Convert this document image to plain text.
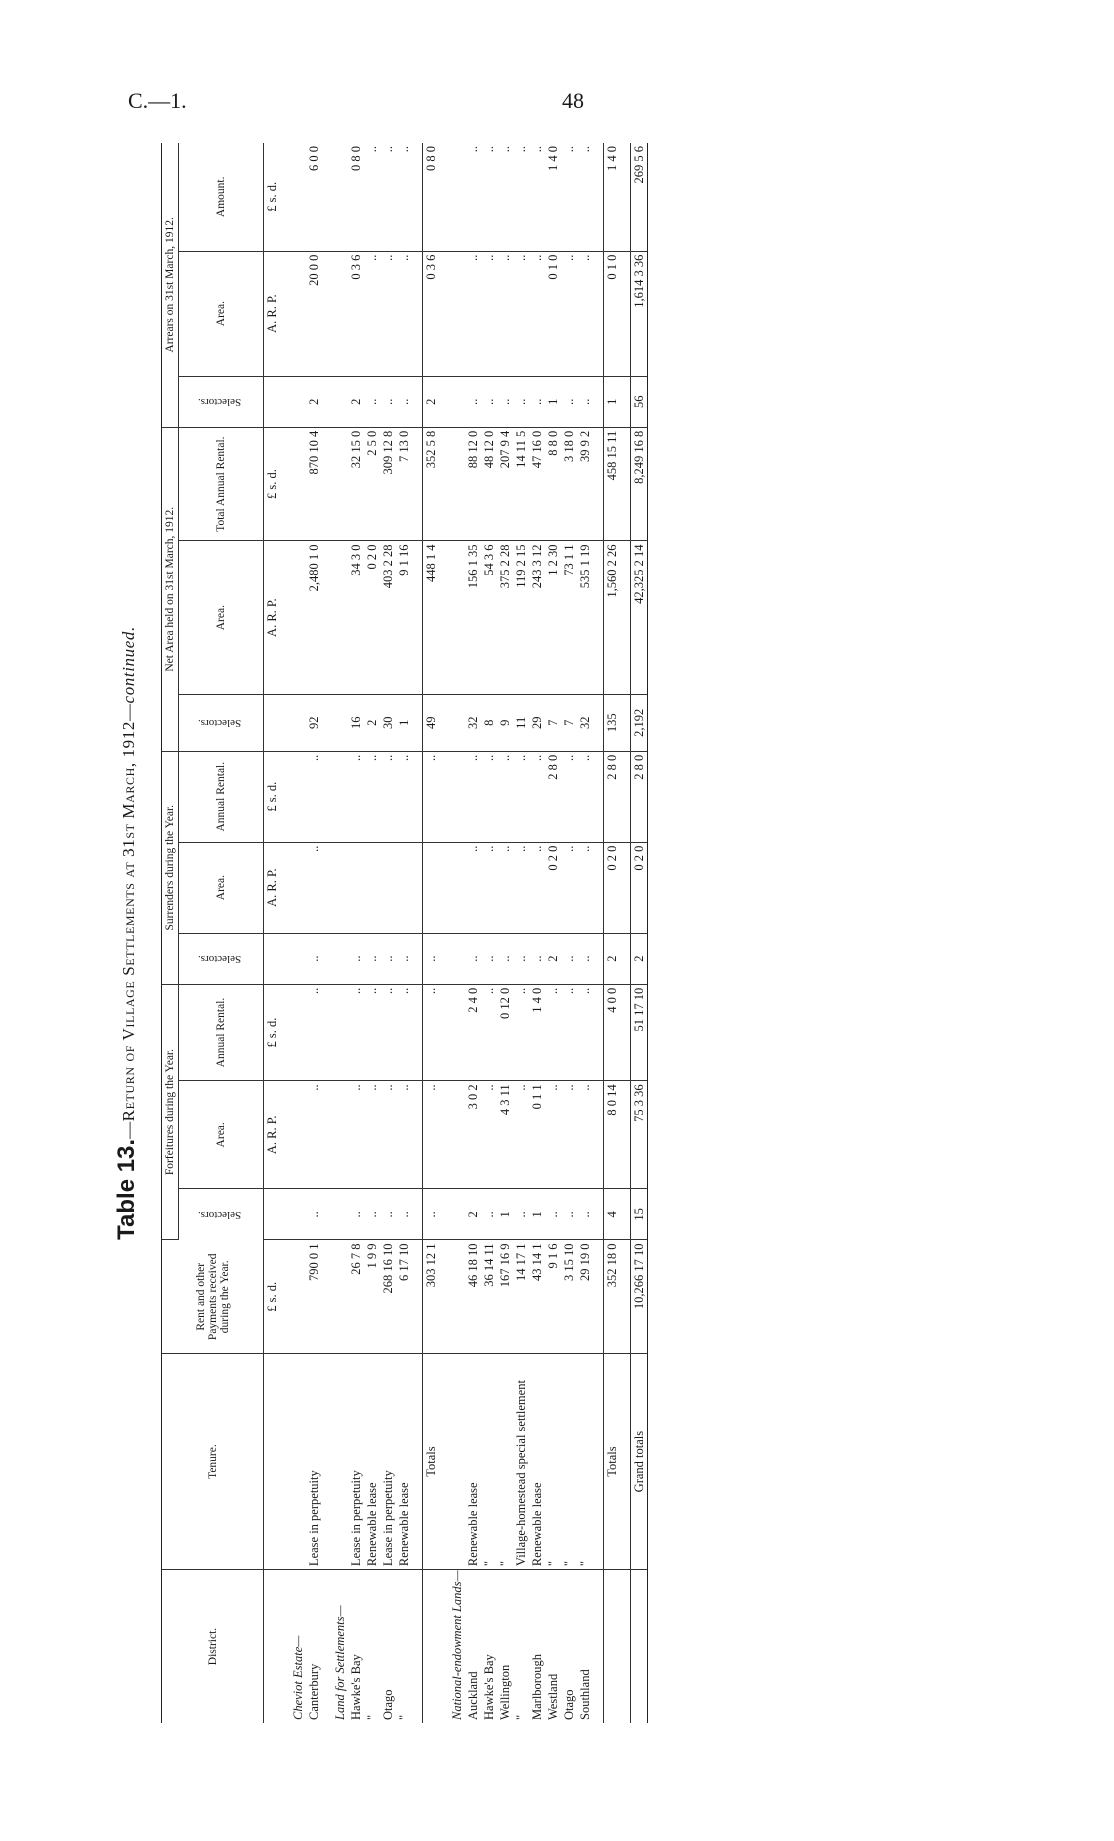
C.—1.	48
Table 13.—Return of Village Settlements at 31st March, 1912—continued.
District.	Tenure.	Rent and other Payments received during the Year.	Forfeitures during the Year.			Surrenders during the Year.			Net Area held on 31st March, 1912.			Arrears on 31st March, 1912.		
			Selectors.	Area.	Annual Rental.	Selectors.	Area.	Annual Rental.	Selectors.	Area.	Total Annual Rental.	Selectors.	Area.	Amount.
		£ s. d.		A. R. P.	£ s. d.		A. R. P.	£ s. d.		A. R. P.	£ s. d.		A. R. P.	£ s. d.

Cheviot Estate—														
Canterbury	Lease in perpetuity	790 0 1	..	..	..	..	..	..	92	2,480 1 0	870 10 4	2	20 0 0	6 0 0

Land for Settlements—														
Hawke's Bay	Lease in perpetuity	26 7 8	..	..	..	..		..	16	34 3 0	32 15 0	2	0 3 6	0 8 0
"	Renewable lease	1 9 9	..	..	..	..		..	2	0 2 0	2 5 0	..	..	..
Otago	Lease in perpetuity	268 16 10	..	..	..	..		..	30	403 2 28	309 12 8	..	..	..
"	Renewable lease	6 17 10	..	..	..	..		..	1	9 1 16	7 13 0	..	..	..

	Totals	303 12 1	..	..	..	..		..	49	448 1 4	352 5 8	2	0 3 6	0 8 0

National-endowment Lands—														
Auckland	Renewable lease	46 18 10	2	3 0 2	2 4 0	..	..	..	32	156 1 35	88 12 0	..	..	..
Hawke's Bay	"	36 14 11	..	..	..	..	..	..	8	54 3 6	48 12 0	..	..	..
Wellington	"	167 16 9	1	4 3 11	0 12 0	..	..	..	9	375 2 28	207 9 4	..	..	..
"	Village-homestead special settlement	14 17 1	..	..	..	..	..	..	11	119 2 15	14 11 5	..	..	..
Marlborough	Renewable lease	43 14 1	1	0 1 1	1 4 0	..	..	..	29	243 3 12	47 16 0	..	..	..
Westland	"	9 1 6	..	..	..	2	0 2 0	2 8 0	7	1 2 30	8 8 0	1	0 1 0	1 4 0
Otago	"	3 15 10	..	..	..	..	..	..	7	73 1 1	3 18 0	..	..	..
Southland	"	29 19 0	..	..	..	..	..	..	32	535 1 19	39 9 2	..	..	..

	Totals	352 18 0	4	8 0 14	4 0 0	2	0 2 0	2 8 0	135	1,560 2 26	458 15 11	1	0 1 0	1 4 0

	Grand totals	10,266 17 10	15	75 3 36	51 17 10	2	0 2 0	2 8 0	2,192	42,325 2 14	8,249 16 8	56	1,614 3 36	269 5 6
